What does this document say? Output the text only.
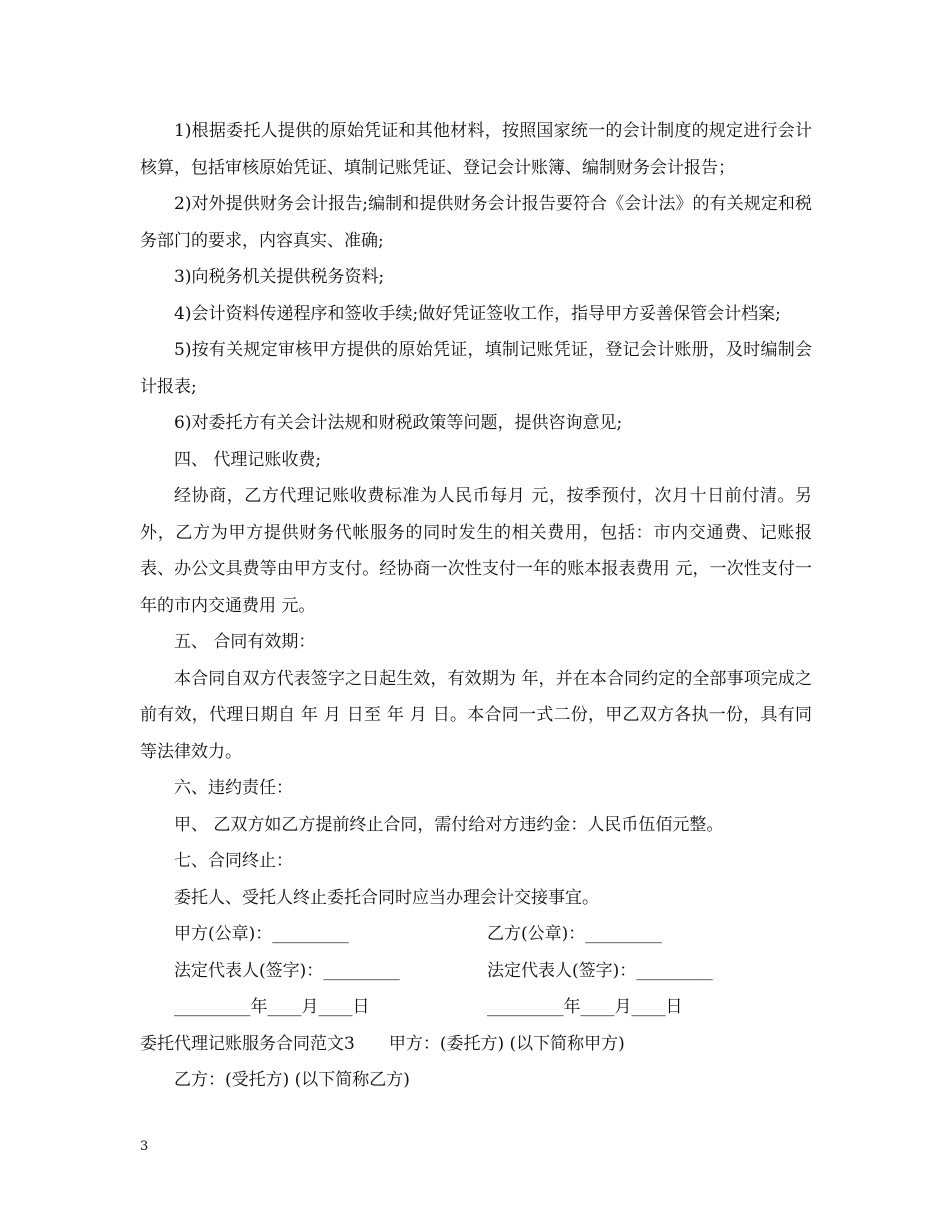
1)根据委托人提供的原始凭证和其他材料，按照国家统一的会计制度的规定进行会计核算，包括审核原始凭证、填制记账凭证、登记会计账簿、编制财务会计报告；

2)对外提供财务会计报告;编制和提供财务会计报告要符合《会计法》的有关规定和税务部门的要求，内容真实、准确;

3)向税务机关提供税务资料;

4)会计资料传递程序和签收手续;做好凭证签收工作，指导甲方妥善保管会计档案;

5)按有关规定审核甲方提供的原始凭证，填制记账凭证，登记会计账册，及时编制会计报表;

6)对委托方有关会计法规和财税政策等问题，提供咨询意见;

四、 代理记账收费;

经协商，乙方代理记账收费标准为人民币每月 元，按季预付，次月十日前付清。另外，乙方为甲方提供财务代帐服务的同时发生的相关费用，包括：市内交通费、记账报表、办公文具费等由甲方支付。经协商一次性支付一年的账本报表费用 元，一次性支付一年的市内交通费用 元。

五、 合同有效期：

本合同自双方代表签字之日起生效，有效期为 年，并在本合同约定的全部事项完成之前有效，代理日期自 年 月 日至 年 月 日。本合同一式二份，甲乙双方各执一份，具有同等法律效力。

六、违约责任：

甲、 乙双方如乙方提前终止合同，需付给对方违约金：人民币伍佰元整。

七、合同终止：

委托人、受托人终止委托合同时应当办理会计交接事宜。

甲方(公章)：_________	乙方(公章)：_________
法定代表人(签字)：_________	法定代表人(签字)：_________
_________年____月____日	_________年____月____日

委托代理记账服务合同范文3　　甲方：(委托方) (以下简称甲方)

乙方：(受托方) (以下简称乙方)

3
